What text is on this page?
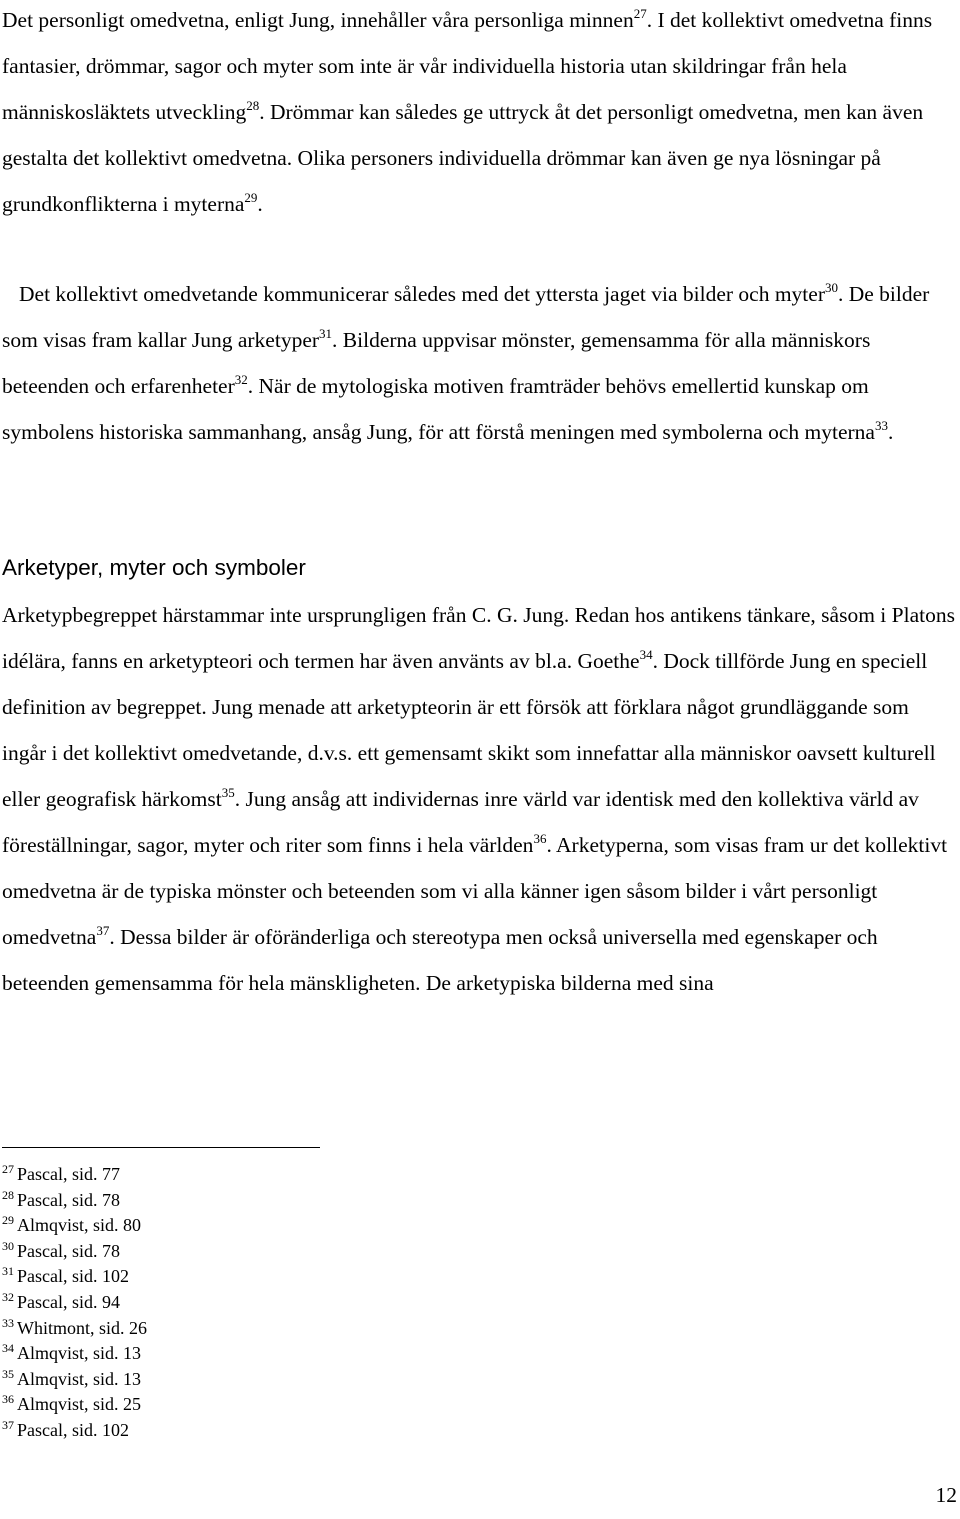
Det personligt omedvetna, enligt Jung, innehåller våra personliga minnen$^{27}$. I det kollektivt omedvetna finns fantasier, drömmar, sagor och myter som inte är vår individuella historia utan skildringar från hela människosläktets utveckling$^{28}$. Drömmar kan således ge uttryck åt det personligt omedvetna, men kan även gestalta det kollektivt omedvetna. Olika personers individuella drömmar kan även ge nya lösningar på grundkonflikterna i myterna$^{29}$.

Det kollektivt omedvetande kommunicerar således med det yttersta jaget via bilder och myter$^{30}$. De bilder som visas fram kallar Jung arketyper$^{31}$. Bilderna uppvisar mönster, gemensamma för alla människors beteenden och erfarenheter$^{32}$. När de mytologiska motiven framträder behövs emellertid kunskap om symbolens historiska sammanhang, ansåg Jung, för att förstå meningen med symbolerna och myterna$^{33}$.

Arketyper, myter och symboler

Arketypbegreppet härstammar inte ursprungligen från C. G. Jung. Redan hos antikens tänkare, såsom i Platons idélära, fanns en arketypteori och termen har även använts av bl.a. Goethe$^{34}$. Dock tillförde Jung en speciell definition av begreppet. Jung menade att arketypteorin är ett försök att förklara något grundläggande som ingår i det kollektivt omedvetande, d.v.s. ett gemensamt skikt som innefattar alla människor oavsett kulturell eller geografisk härkomst$^{35}$. Jung ansåg att individernas inre värld var identisk med den kollektiva värld av föreställningar, sagor, myter och riter som finns i hela världen$^{36}$. Arketyperna, som visas fram ur det kollektivt omedvetna är de typiska mönster och beteenden som vi alla känner igen såsom bilder i vårt personligt omedvetna$^{37}$. Dessa bilder är oföränderliga och stereotypa men också universella med egenskaper och beteenden gemensamma för hela mänskligheten. De arketypiska bilderna med sina

$^{27}$ Pascal, sid. 77
$^{28}$ Pascal, sid. 78
$^{29}$ Almqvist, sid. 80
$^{30}$ Pascal, sid. 78
$^{31}$ Pascal, sid. 102
$^{32}$ Pascal, sid. 94
$^{33}$ Whitmont, sid. 26
$^{34}$ Almqvist, sid. 13
$^{35}$ Almqvist, sid. 13
$^{36}$ Almqvist, sid. 25
$^{37}$ Pascal, sid. 102
12
